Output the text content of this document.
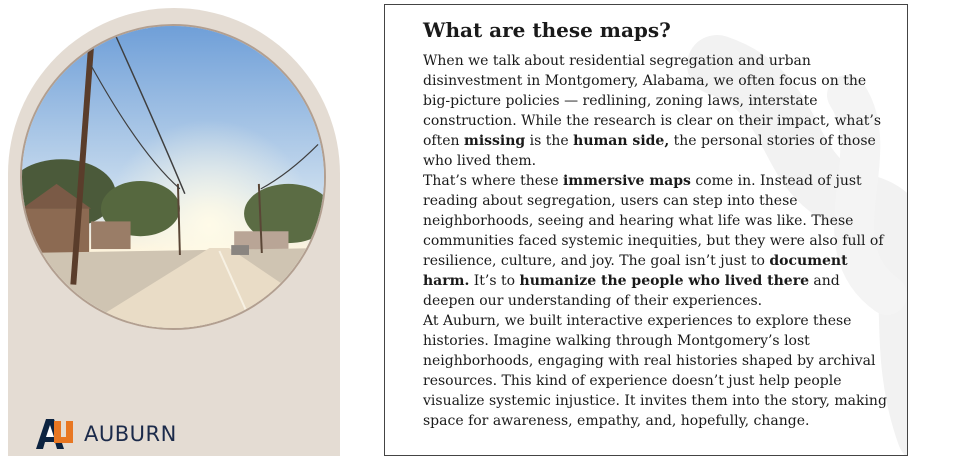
AUBURN
What are these maps?

When we talk about residential segregation and urban disinvestment in Montgomery, Alabama, we often focus on the big-picture policies — redlining, zoning laws, interstate construction. While the research is clear on their impact, what’s often missing is the human side, the personal stories of those who lived them.

That’s where these immersive maps come in. Instead of just reading about segregation, users can step into these neighborhoods, seeing and hearing what life was like. These communities faced systemic inequities, but they were also full of resilience, culture, and joy. The goal isn’t just to document harm. It’s to humanize the people who lived there and deepen our understanding of their experiences.

At Auburn, we built interactive experiences to explore these histories. Imagine walking through Montgomery’s lost neighborhoods, engaging with real histories shaped by archival resources. This kind of experience doesn’t just help people visualize systemic injustice. It invites them into the story, making space for awareness, empathy, and, hopefully, change.
